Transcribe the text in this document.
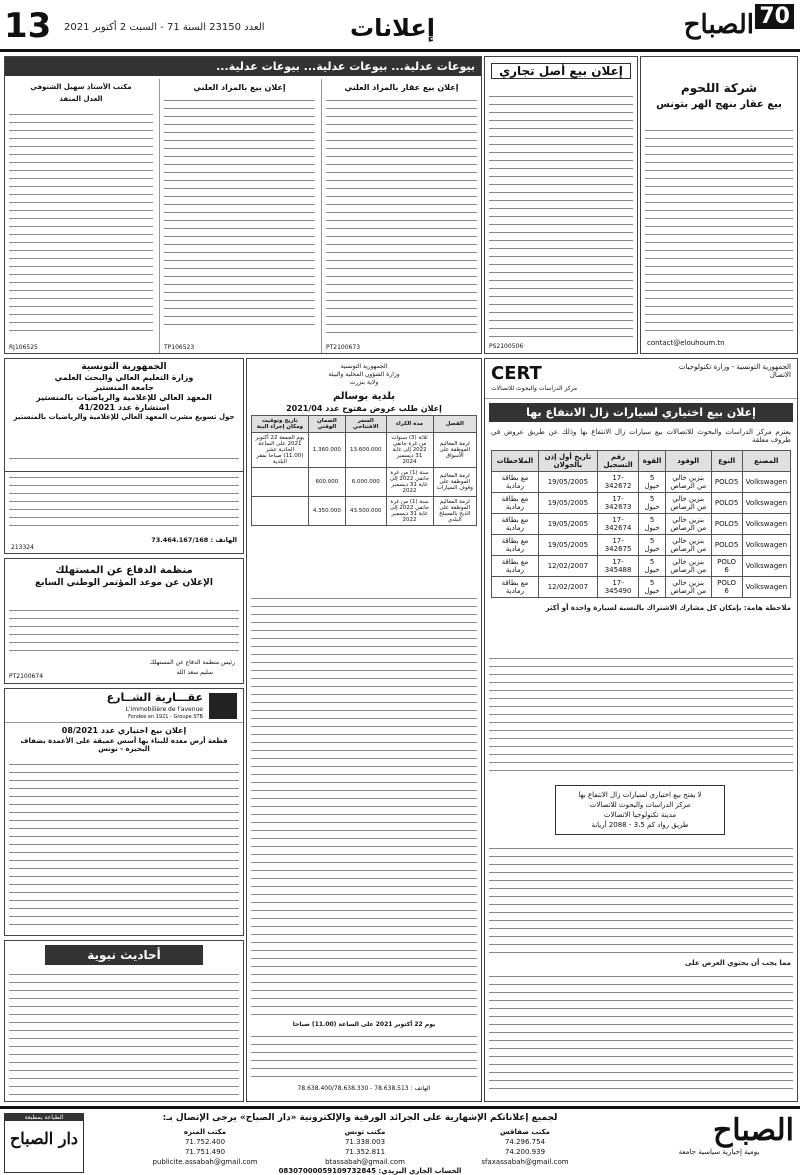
13 العدد 23150 السنة 71 - السبت 2 أكتوبر 2021	إعلانات	70
الصباح
شركة اللحوم
بيع عقار بنهج الهر بتونس
contact@elouhoum.tn
إعلان بيع أصل تجاري
PS2100506
بيوعات عدلية... بيوعات عدلية... بيوعات عدلية...
إعلان بيع عقار بالمزاد العلني
PT2100673
إعلان بيع بالمزاد العلني
TP106523
مكتب الأستاذ سهيل الشنوفي
العدل المنفذ
RJ106525
CERT	الجمهورية التونسية - وزارة تكنولوجيات الاتصال
مركز الدراسات والبحوث للاتصالات
إعلان بيع اختياري لسيارات زال الانتفاع بها
يعتزم مركز الدراسات والبحوث للاتصالات بيع سيارات زال الانتفاع بها وذلك عن طريق عروض في ظروف مغلقة
المصنع	النوع	الوقود	القوة	رقم التسجيل	تاريخ أول إذن بالجولان	الملاحظات
Volkswagen	POLO5	بنزين خالي من الرصاص	5 خيول	17-342672	19/05/2005	مع بطاقة رمادية
Volkswagen	POLO5	بنزين خالي من الرصاص	5 خيول	17-342673	19/05/2005	مع بطاقة رمادية
Volkswagen	POLO5	بنزين خالي من الرصاص	5 خيول	17-342674	19/05/2005	مع بطاقة رمادية
Volkswagen	POLO5	بنزين خالي من الرصاص	5 خيول	17-342675	19/05/2005	مع بطاقة رمادية
Volkswagen	POLO 6	بنزين خالي من الرصاص	5 خيول	17-345488	12/02/2007	مع بطاقة رمادية
Volkswagen	POLO 6	بنزين خالي من الرصاص	5 خيول	17-345490	12/02/2007	مع بطاقة رمادية
ملاحظة هامة: بإمكان كل مشارك الاشتراك بالنسبة لسيارة واحدة أو أكثر
لا يفتح بيع اختياري لسيارات زال الانتفاع بها
مركز الدراسات والبحوث للاتصالات
مدينة تكنولوجيا الاتصالات
طريق رواد كم 3،5 - 2088 أريانة
مما يجب أن يحتوي العرض على
الجمهورية التونسية
وزارة الشؤون المحلية والبيئة
ولاية بنزرت
بلدية بوسالم
إعلان طلب عروض مفتوح عدد 2021/04
القصل	مدة الكراء	السعر الافتتاحي	الضمان الوقتي	تاريخ وتوقيت ومكان إجراء البتة
لزمة المعاليم الموظفة على الأسواق	ثلاثة (3) سنوات من غرة جانفي 2022 إلى غاية 31 ديسمبر 2024	13.600.000	1.360.000	يوم الجمعة 22 أكتوبر 2021 على الساعة الحادية عشر (11.00) صباحا بمقر البلدية
لزمة المعاليم الموظفة على وقوف السيارات	سنة (1) من غرة جانفي 2022 إلى غاية 31 ديسمبر 2022	6.000.000	600.000	
لزمة المعاليم الموظفة على الذبح بالمسلخ البلدي	سنة (1) من غرة جانفي 2022 إلى غاية 31 ديسمبر 2022	43.500.000	4.350.000	
يوم 22 أكتوبر 2021 على الساعة (11.00) صباحا
الهاتف : 78.638.513 - 78.638.400/78.638.330
الجمهورية التونسية
وزارة التعليم العالي والبحث العلمي
جامعة المنستير
المعهد العالي للإعلامية والرياضيات بالمنستير
استشارة عدد 41/2021
حول تسويغ مشرب المعهد العالي للإعلامية والرياضيات بالمنستير
الهاتف : 73.464.167/168
213324
منظمة الدفاع عن المستهلك
الإعلان عن موعد المؤتمر الوطني السابع
رئيس منظمة الدفاع عن المستهلك
سليم سعد الله
PT2100674
عقـــارية الشــارع
L'immobilière de l'avenue
Fondée en 1921 - Groupe STB
إعلان بيع اختياري عدد 08/2021
قطعة أرض معدة للبناء بها أسس عميقة على الأعمدة بضفاف البحيرة - تونس
أحاديث نبوية
الصباح
يومية إخبارية سياسية جامعة
لجميع إعلاناتكم الإشهارية على الجرائد الورقية والإلكترونية «دار الصباح» يرجى الإتصال بـ:
مكتب المنزه
71.752.400
71.751.490
publicite.assabah@gmail.com
مكتب تونس
71.338.003
71.352.811
btassabah@gmail.com
مكتب صفاقس
74.296.754
74.200.939
sfaxassabah@gmail.com
الحساب الجاري البريدي: 08307000059109732845
الطباعة بمطبعة
دار الصباح
